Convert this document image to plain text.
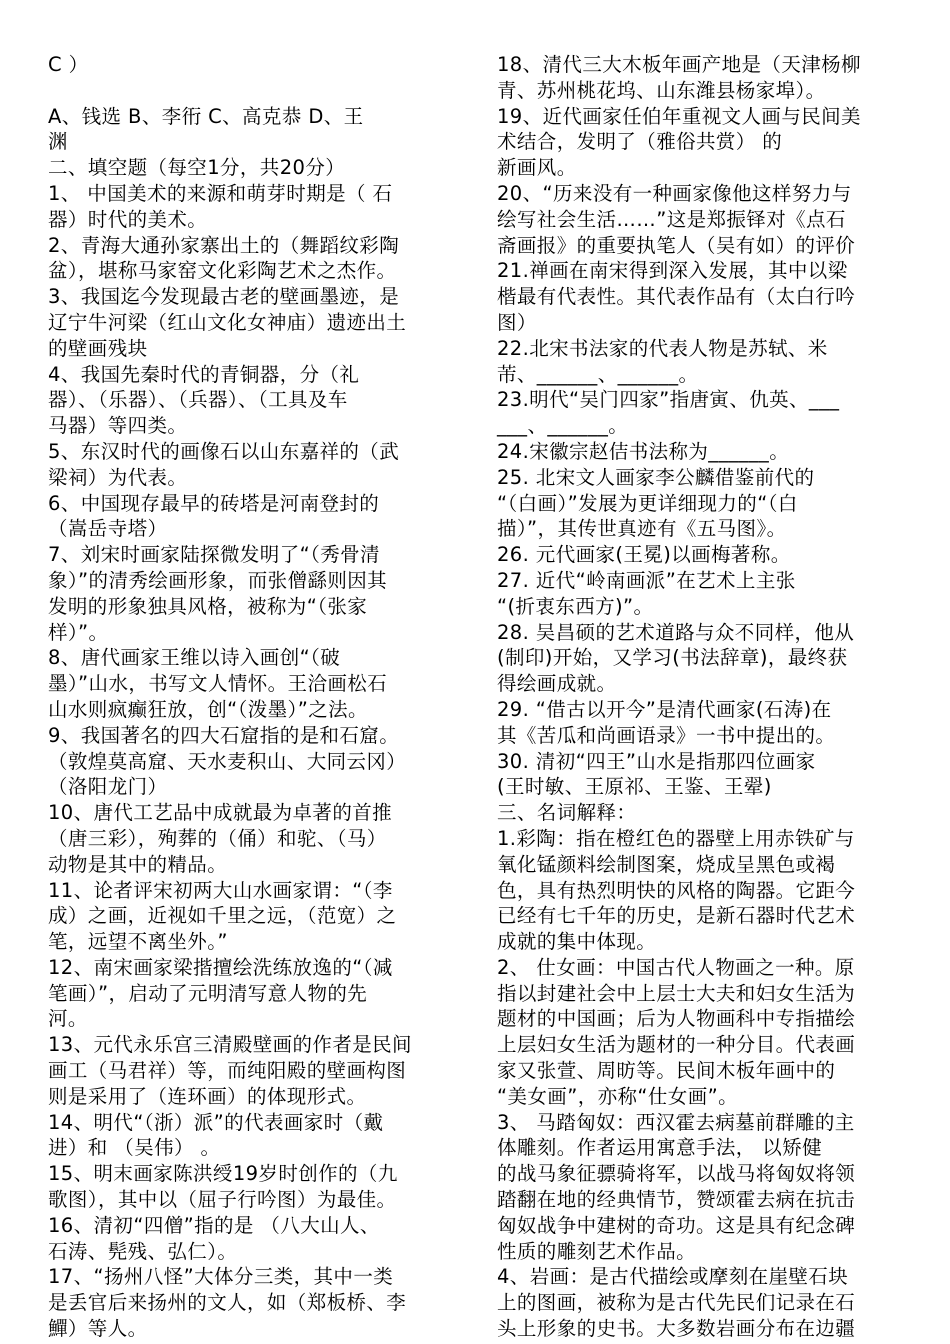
C ）
A、钱选 B、李衎 C、高克恭 D、王
渊
二、填空题（每空1分，共20分）
1、 中国美术的来源和萌芽时期是（ 石
器）时代的美术。
2、青海大通孙家寨出土的（舞蹈纹彩陶
盆），堪称马家窑文化彩陶艺术之杰作。
3、我国迄今发现最古老的壁画墨迹，是
辽宁牛河梁（红山文化女神庙）遗迹出土
的壁画残块
4、我国先秦时代的青铜器，分（礼
器）、（乐器）、（兵器）、（工具及车
马器）等四类。
5、东汉时代的画像石以山东嘉祥的（武
梁祠）为代表。
6、中国现存最早的砖塔是河南登封的
（嵩岳寺塔）
7、刘宋时画家陆探微发明了“（秀骨清
象）”的清秀绘画形象，而张僧繇则因其
发明的形象独具风格，被称为“（张家
样）”。
8、唐代画家王维以诗入画创“（破
墨）”山水，书写文人情怀。王洽画松石
山水则疯癫狂放，创“（泼墨）”之法。
9、我国著名的四大石窟指的是和石窟。
（敦煌莫高窟、天水麦积山、大同云冈）
（洛阳龙门）
10、唐代工艺品中成就最为卓著的首推
（唐三彩），殉葬的（俑）和驼、（马）
动物是其中的精品。
11、论者评宋初两大山水画家谓：“（李
成）之画，近视如千里之远，（范宽）之
笔，远望不离坐外。”
12、南宋画家梁揩擅绘洗练放逸的“（减
笔画）”，启动了元明清写意人物的先
河。
13、元代永乐宫三清殿壁画的作者是民间
画工（马君祥）等，而纯阳殿的壁画构图
则是采用了（连环画）的体现形式。
14、明代“（浙）派”的代表画家时（戴
进）和 （吴伟） 。
15、明末画家陈洪绶19岁时创作的（九
歌图），其中以（屈子行吟图）为最佳。
16、清初“四僧”指的是 （八大山人、
石涛、髡残、弘仁）。
17、“扬州八怪”大体分三类，其中一类
是丢官后来扬州的文人，如（郑板桥、李
鱓）等人。
18、清代三大木板年画产地是（天津杨柳
青、苏州桃花坞、山东潍县杨家埠）。
19、近代画家任伯年重视文人画与民间美
术结合，发明了（雅俗共赏） 的
新画风。
20、“历来没有一种画家像他这样努力与
绘写社会生活……”这是郑振铎对《点石
斋画报》的重要执笔人（吴有如）的评价
21.禅画在南宋得到深入发展，其中以梁
楷最有代表性。其代表作品有（太白行吟
图）
22.北宋书法家的代表人物是苏轼、米
芾、______、______。
23.明代“吴门四家”指唐寅、仇英、___
___、______。
24.宋徽宗赵佶书法称为______。
25. 北宋文人画家李公麟借鉴前代的
“（白画）”发展为更详细现力的“（白
描）”，其传世真迹有《五马图》。
26. 元代画家(王冕)以画梅著称。
27. 近代“岭南画派”在艺术上主张
“(折衷东西方)”。
28. 吴昌硕的艺术道路与众不同样，他从
(制印)开始，又学习(书法辞章)，最终获
得绘画成就。
29. “借古以开今”是清代画家(石涛)在
其《苦瓜和尚画语录》一书中提出的。
30. 清初“四王”山水是指那四位画家
(王时敏、王原祁、王鉴、王翚)
三、名词解释：
1.彩陶：指在橙红色的器壁上用赤铁矿与
氧化锰颜料绘制图案，烧成呈黑色或褐
色，具有热烈明快的风格的陶器。它距今
已经有七千年的历史，是新石器时代艺术
成就的集中体现。
2、 仕女画：中国古代人物画之一种。原
指以封建社会中上层士大夫和妇女生活为
题材的中国画；后为人物画科中专指描绘
上层妇女生活为题材的一种分目。代表画
家又张萱、周昉等。民间木板年画中的
“美女画”，亦称“仕女画”。
3、 马踏匈奴：西汉霍去病墓前群雕的主
体雕刻。作者运用寓意手法， 以矫健
的战马象征骠骑将军，以战马将匈奴将领
踏翻在地的经典情节，赞颂霍去病在抗击
匈奴战争中建树的奇功。这是具有纪念碑
性质的雕刻艺术作品。
4、岩画：是古代描绘或摩刻在崖壁石块
上的图画，被称为是古代先民们记录在石
头上形象的史书。大多数岩画分布在边疆
